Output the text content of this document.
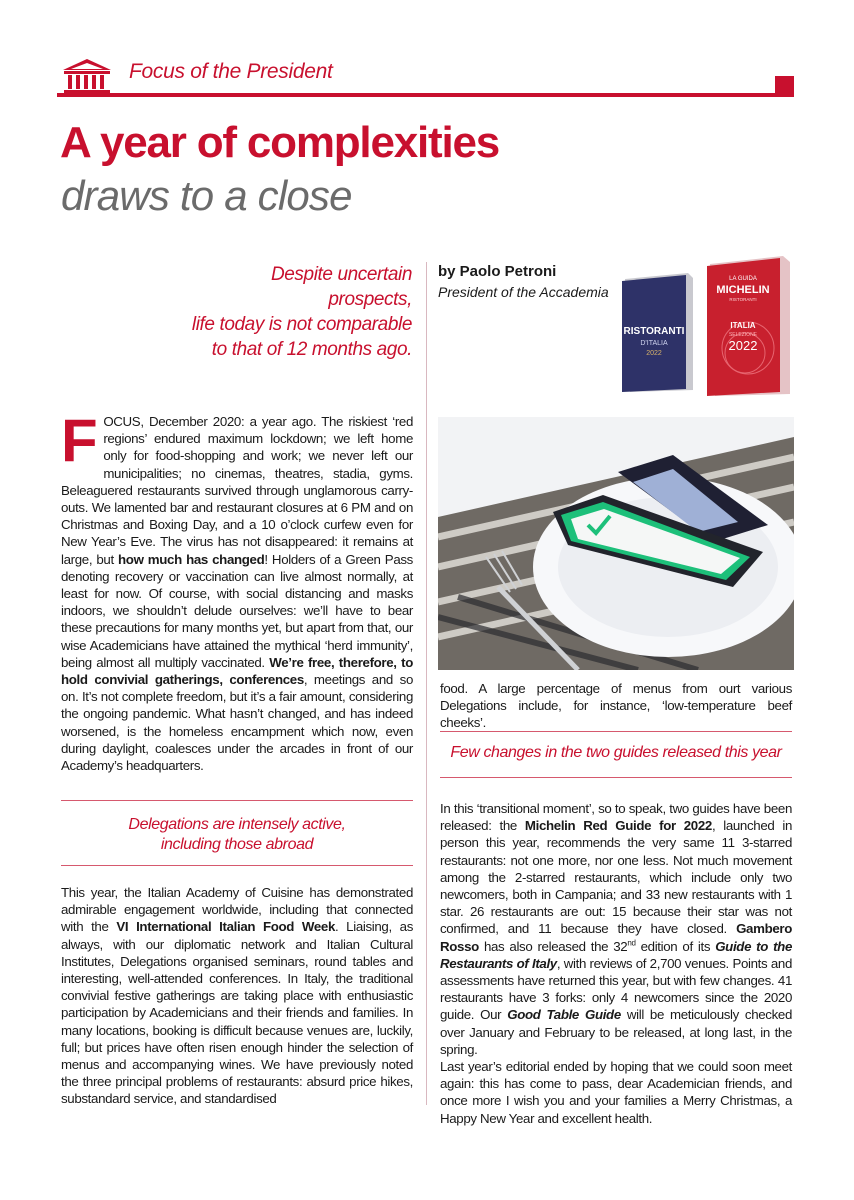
Focus of the President
A year of complexities
draws to a close
Despite uncertain prospects,
life today is not comparable
to that of 12 months ago.
by Paolo Petroni
President of the Accademia
RISTORANTI
D'ITALIA
2022
LA GUIDA
MICHELIN
RISTORANTI
ITALIA
SELEZIONE
2022

FOCUS, December 2020: a year ago. The riskiest ‘red regions’ endured maximum lockdown; we left home only for food-shopping and work; we never left our municipalities; no cinemas, theatres, stadia, gyms. Beleaguered restaurants survived through unglamorous carry-outs. We lamented bar and restaurant closures at 6 PM and on Christmas and Boxing Day, and a 10 o’clock curfew even for New Year’s Eve. The virus has not disappeared: it remains at large, but how much has changed! Holders of a Green Pass denoting recovery or vaccination can live almost normally, at least for now. Of course, with social distancing and masks indoors, we shouldn’t delude ourselves: we’ll have to bear these precautions for many months yet, but apart from that, our wise Academicians have attained the mythical ‘herd immunity’, being almost all multiply vaccinated. We’re free, therefore, to hold convivial gatherings, conferences, meetings and so on. It’s not complete freedom, but it’s a fair amount, considering the ongoing pandemic. What hasn’t changed, and has indeed worsened, is the homeless encampment which now, even during daylight, coalesces under the arcades in front of our Academy’s headquarters.

Delegations are intensely active,
including those abroad

This year, the Italian Academy of Cuisine has demonstrated admirable engagement worldwide, including that connected with the VI International Italian Food Week. Liaising, as always, with our diplomatic network and Italian Cultural Institutes, Delegations organised seminars, round tables and interesting, well-attended conferences. In Italy, the traditional convivial festive gatherings are taking place with enthusiastic participation by Academicians and their friends and families. In many locations, booking is difficult because venues are, luckily, full; but prices have often risen enough hinder the selection of menus and accompanying wines. We have previously noted the three principal problems of restaurants: absurd price hikes, substandard service, and standardised

food. A large percentage of menus from ourt various Delegations include, for instance, ‘low-temperature beef cheeks’.

Few changes in the two guides released this year

In this ‘transitional moment’, so to speak, two guides have been released: the Michelin Red Guide for 2022, launched in person this year, recommends the very same 11 3-starred restaurants: not one more, nor one less. Not much movement among the 2-starred restaurants, which include only two newcomers, both in Campania; and 33 new restaurants with 1 star. 26 restaurants are out: 15 because their star was not confirmed, and 11 because they have closed. Gambero Rosso has also released the 32nd edition of its Guide to the Restaurants of Italy, with reviews of 2,700 venues. Points and assessments have returned this year, but with few changes. 41 restaurants have 3 forks: only 4 newcomers since the 2020 guide. Our Good Table Guide will be meticulously checked over January and February to be released, at long last, in the spring.

Last year’s editorial ended by hoping that we could soon meet again: this has come to pass, dear Academician friends, and once more I wish you and your families a Merry Christmas, a Happy New Year and excellent health.
